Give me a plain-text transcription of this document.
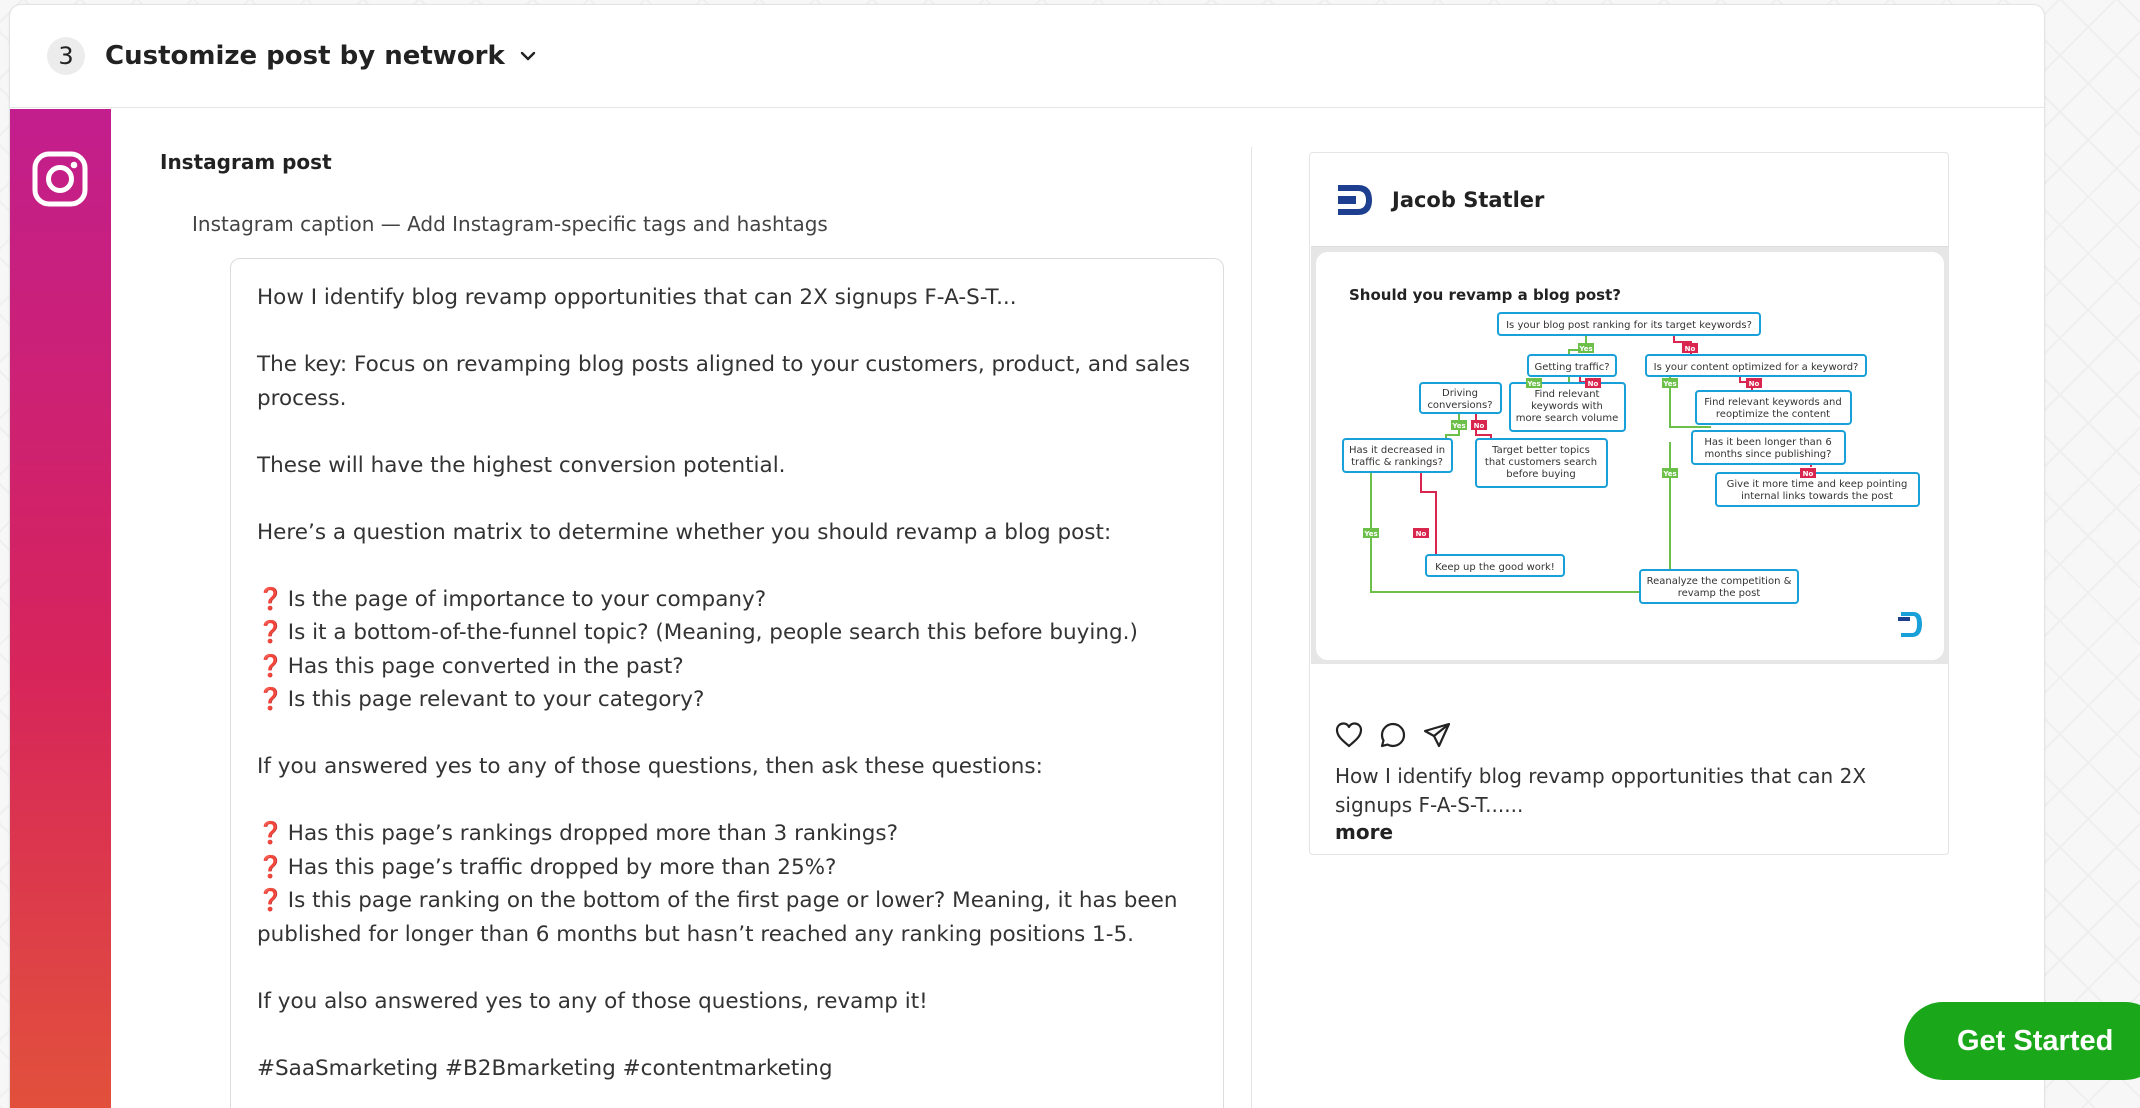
3	Customize post by network
Instagram post
Instagram caption — Add Instagram-specific tags and hashtags

How I identify blog revamp opportunities that can 2X signups F-A-S-T...

The key: Focus on revamping blog posts aligned to your customers, product, and sales process.

These will have the highest conversion potential.

Here’s a question matrix to determine whether you should revamp a blog post:

❓ Is the page of importance to your company?

❓ Is it a bottom-of-the-funnel topic? (Meaning, people search this before buying.)

❓ Has this page converted in the past?

❓ Is this page relevant to your category?

If you answered yes to any of those questions, then ask these questions:

❓ Has this page’s rankings dropped more than 3 rankings?

❓ Has this page’s traffic dropped by more than 25%?

❓ Is this page ranking on the bottom of the first page or lower? Meaning, it has been published for longer than 6 months but hasn’t reached any ranking positions 1-5.

If you also answered yes to any of those questions, revamp it!

#SaaSmarketing #B2Bmarketing #contentmarketing

Jacob Statler
Should you revamp a blog post?
Is your blog post ranking for its target keywords?
Getting traffic?	Is your content optimized for a keyword?
Driving
conversions?
Find relevant
keywords with
more search volume
Find relevant keywords and
reoptimize the content
Has it decreased in
traffic & rankings?
Target better topics
that customers search
before buying
Has it been longer than 6
months since publishing?
Give it more time and keep pointing
internal links towards the post
Keep up the good work!
Reanalyze the competition &
revamp the post
Yes	No
Yes	No	Yes	No
Yes No
Yes	No
Yes	No
How I identify blog revamp opportunities that can 2X signups F-A-S-T......
more
Get Started
